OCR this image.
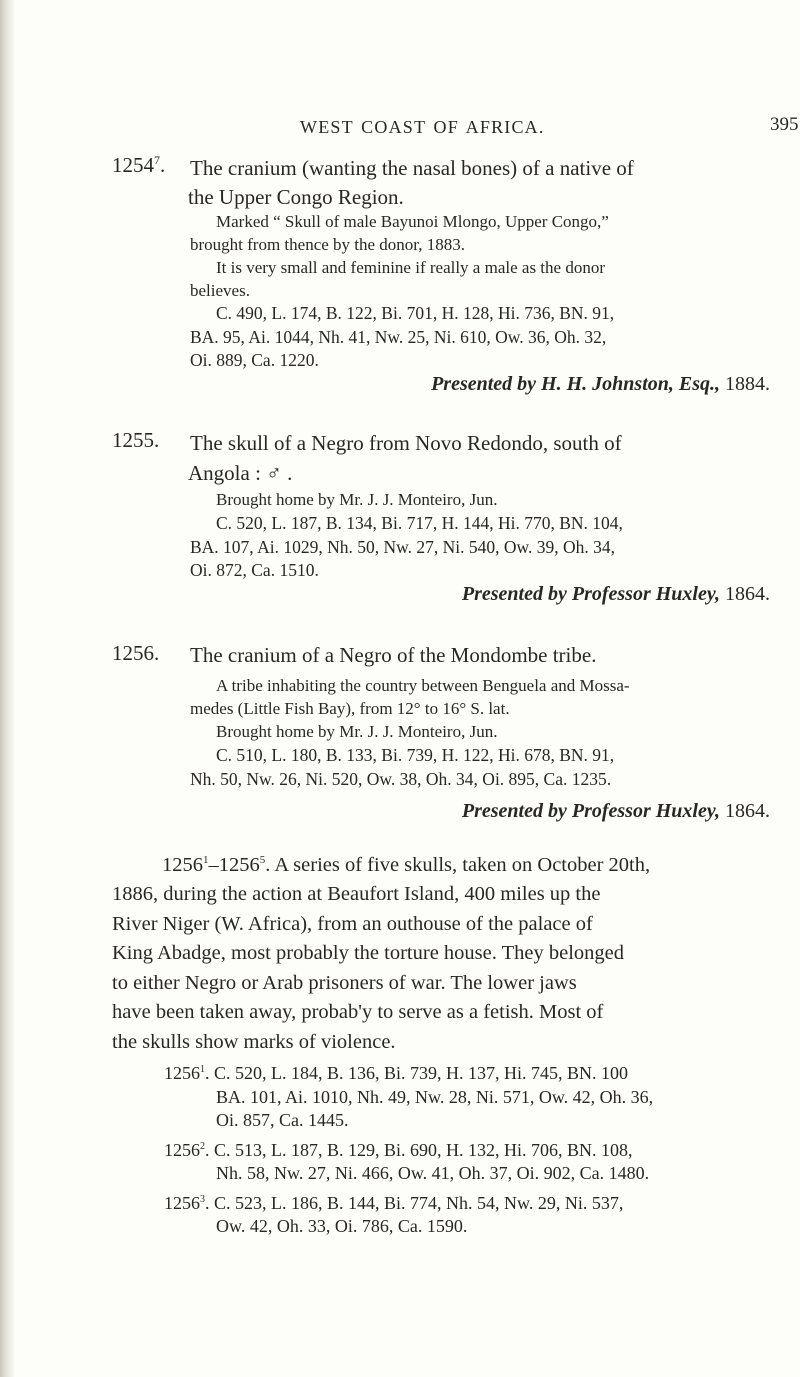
WEST COAST OF AFRICA.	395
1254$^7$. The cranium (wanting the nasal bones) of a native of
the Upper Congo Region.
Marked “ Skull of male Bayunoi Mlongo, Upper Congo,”
brought from thence by the donor, 1883.
It is very small and feminine if really a male as the donor
believes.
C. 490, L. 174, B. 122, Bi. 701, H. 128, Hi. 736, BN. 91,
BA. 95, Ai. 1044, Nh. 41, Nw. 25, Ni. 610, Ow. 36, Oh. 32,
Oi. 889, Ca. 1220.
Presented by H. H. Johnston, Esq., 1884.
1255. The skull of a Negro from Novo Redondo, south of
Angola : ♂ .
Brought home by Mr. J. J. Monteiro, Jun.
C. 520, L. 187, B. 134, Bi. 717, H. 144, Hi. 770, BN. 104,
BA. 107, Ai. 1029, Nh. 50, Nw. 27, Ni. 540, Ow. 39, Oh. 34,
Oi. 872, Ca. 1510.
Presented by Professor Huxley, 1864.
1256. The cranium of a Negro of the Mondombe tribe.
A tribe inhabiting the country between Benguela and Mossa-
medes (Little Fish Bay), from 12° to 16° S. lat.
Brought home by Mr. J. J. Monteiro, Jun.
C. 510, L. 180, B. 133, Bi. 739, H. 122, Hi. 678, BN. 91,
Nh. 50, Nw. 26, Ni. 520, Ow. 38, Oh. 34, Oi. 895, Ca. 1235.
Presented by Professor Huxley, 1864.
1256$^1$–1256$^5$. A series of five skulls, taken on October 20th,
1886, during the action at Beaufort Island, 400 miles up the
River Niger (W. Africa), from an outhouse of the palace of
King Abadge, most probably the torture house. They belonged
to either Negro or Arab prisoners of war. The lower jaws
have been taken away, probab'y to serve as a fetish. Most of
the skulls show marks of violence.
1256$^1$. C. 520, L. 184, B. 136, Bi. 739, H. 137, Hi. 745, BN. 100
BA. 101, Ai. 1010, Nh. 49, Nw. 28, Ni. 571, Ow. 42, Oh. 36,
Oi. 857, Ca. 1445.
1256$^2$. C. 513, L. 187, B. 129, Bi. 690, H. 132, Hi. 706, BN. 108,
Nh. 58, Nw. 27, Ni. 466, Ow. 41, Oh. 37, Oi. 902, Ca. 1480.
1256$^3$. C. 523, L. 186, B. 144, Bi. 774, Nh. 54, Nw. 29, Ni. 537,
Ow. 42, Oh. 33, Oi. 786, Ca. 1590.
